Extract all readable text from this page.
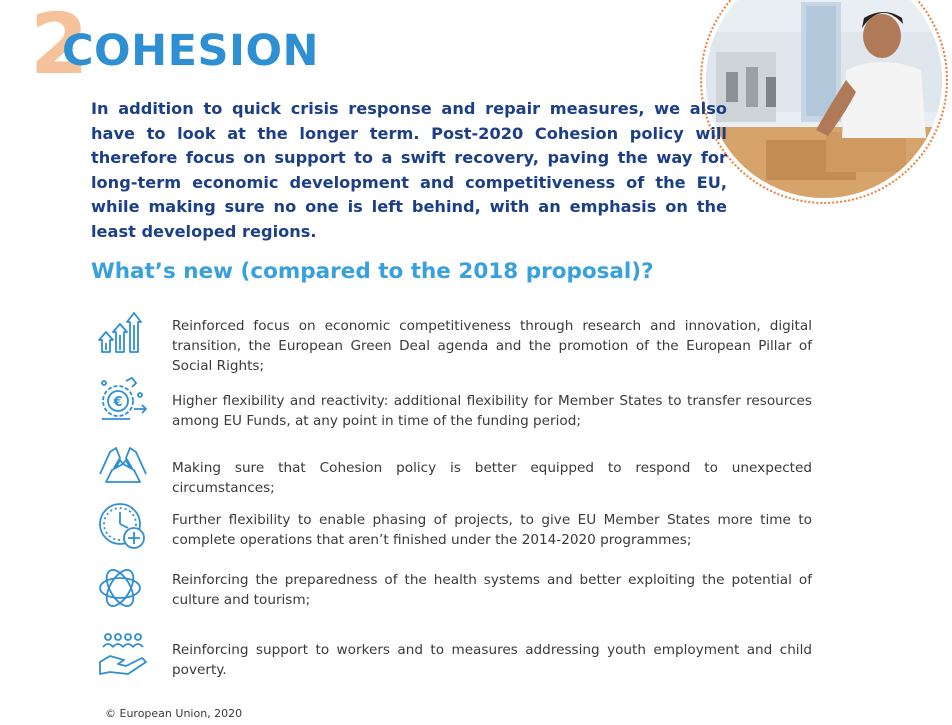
2
COHESION
In addition to quick crisis response and repair measures, we also have to look at the longer term. Post-2020 Cohesion policy will therefore focus on support to a swift recovery, paving the way for long-term economic development and competitiveness of the EU, while making sure no one is left behind, with an emphasis on the least developed regions.
What’s new (compared to the 2018 proposal)?
Reinforced focus on economic competitiveness through research and innovation, digital transition, the European Green Deal agenda and the promotion of the European Pillar of Social Rights;
€	Higher flexibility and reactivity: additional flexibility for Member States to transfer resources among EU Funds, at any point in time of the funding period;
Making sure that Cohesion policy is better equipped to respond to unexpected circumstances;
Further flexibility to enable phasing of projects, to give EU Member States more time to complete operations that aren’t finished under the 2014-2020 programmes;
Reinforcing the preparedness of the health systems and better exploiting the potential of culture and tourism;
Reinforcing support to workers and to measures addressing youth employment and child poverty.
© European Union, 2020
